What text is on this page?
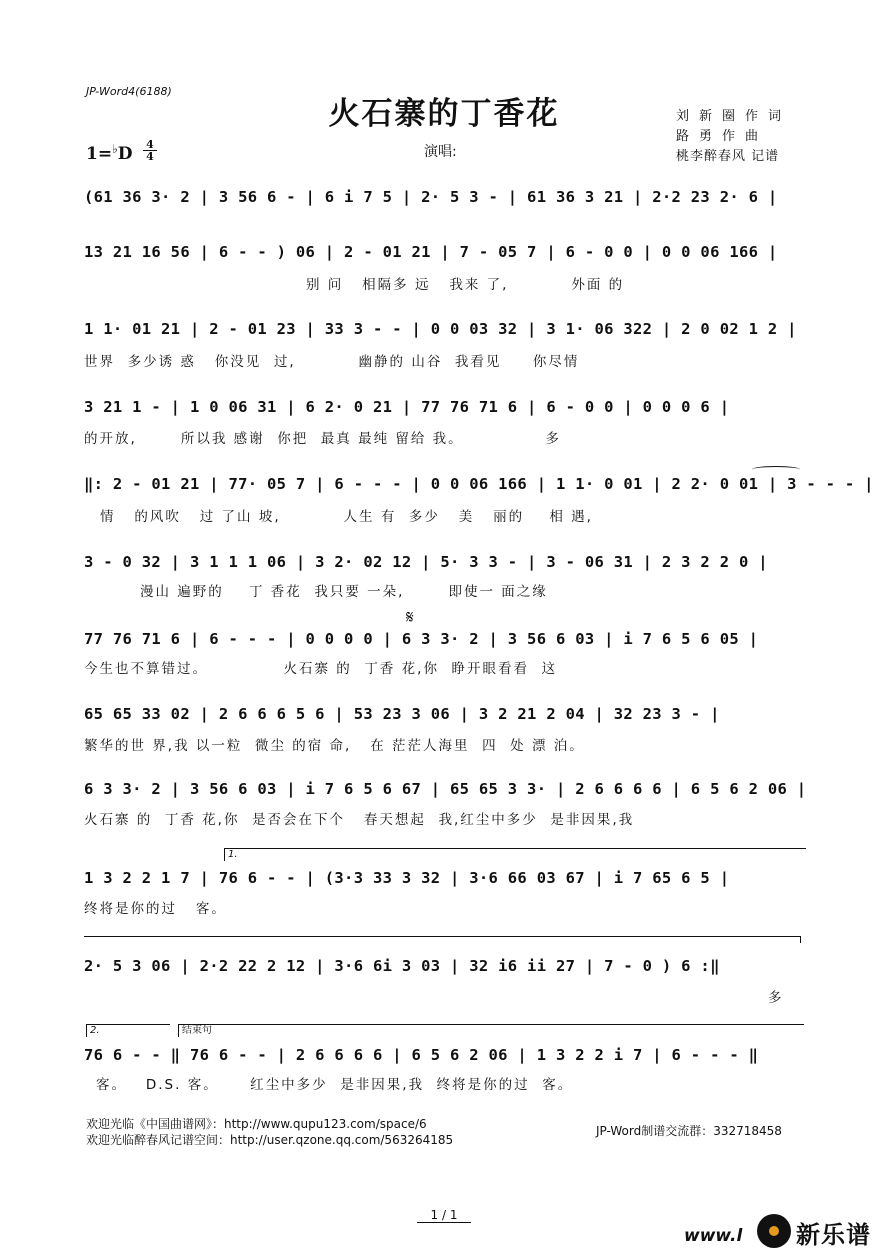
JP-Word4(6188)
火石寨的丁香花
1=♭D 4
4	演唱:
刘新圈作词
路勇作曲
桃李醉春风 记谱
(61 36 3· 2 | 3 56 6 - | 6 i 7 5 | 2· 5 3 - | 61 36 3 21 | 2·2 23 2· 6 |
13 21 16 56 | 6 - - ) 06 | 2 - 01 21 | 7 - 05 7 | 6 - 0 0 | 0 0 06 166 |
别 问   相隔多 远   我来 了,          外面 的
1 1· 01 21 | 2 - 01 23 | 33 3 - - | 0 0 03 32 | 3 1· 06 322 | 2 0 02 1 2 |
世界  多少诱 惑   你没见  过,          幽静的 山谷  我看见     你尽情
3 21 1 - | 1 0 06 31 | 6 2· 0 21 | 77 76 71 6 | 6 - 0 0 | 0 0 0 6 |
的开放,       所以我 感谢  你把  最真 最纯 留给 我。             多
‖: 2 - 01 21 | 77· 05 7 | 6 - - - | 0 0 06 166 | 1 1· 0 01 | 2 2· 0 01 | 3 - - - |
情   的风吹   过 了山 坡,          人生 有  多少   美   丽的    相 遇,
3 - 0 32 | 3 1 1 1 06 | 3 2· 02 12 | 5· 3 3 - | 3 - 06 31 | 2 3 2 2 0 |
漫山 遍野的    丁 香花  我只要 一朵,       即使一 面之缘
𝄋
77 76 71 6 | 6 - - - | 0 0 0 0 | 6 3 3· 2 | 3 56 6 03 | i 7 6 5 6 05 |
今生也不算错过。            火石寨 的  丁香 花,你  睁开眼看看  这
65 65 33 02 | 2 6 6 6 5 6 | 53 23 3 06 | 3 2 21 2 04 | 32 23 3 - |
繁华的世 界,我 以一粒  微尘 的宿 命,   在 茫茫人海里  四  处 漂 泊。
6 3 3· 2 | 3 56 6 03 | i 7 6 5 6 67 | 65 65 3 3· | 2 6 6 6 6 | 6 5 6 2 06 |
火石寨 的  丁香 花,你  是否会在下个   春天想起  我,红尘中多少  是非因果,我
1.
1 3 2 2 1 7 | 76 6 - - | (3·3 33 3 32 | 3·6 66 03 67 | i 7 65 6 5 |
终将是你的过   客。
2· 5 3 06 | 2·2 22 2 12 | 3·6 6i 3 03 | 32 i6 ii 27 | 7 - 0 ) 6 :‖
多
2.	结束句
76 6 - - ‖ 76 6 - - | 2 6 6 6 6 | 6 5 6 2 06 | 1 3 2 2 i 7 | 6 - - - ‖
客。   D.S. 客。     红尘中多少  是非因果,我  终将是你的过  客。
欢迎光临《中国曲谱网》：http://www.qupu123.com/space/6
欢迎光临醉春风记谱空间：http://user.qzone.qq.com/563264185
JP-Word制谱交流群：332718458
1 / 1
www.l 新乐谱
